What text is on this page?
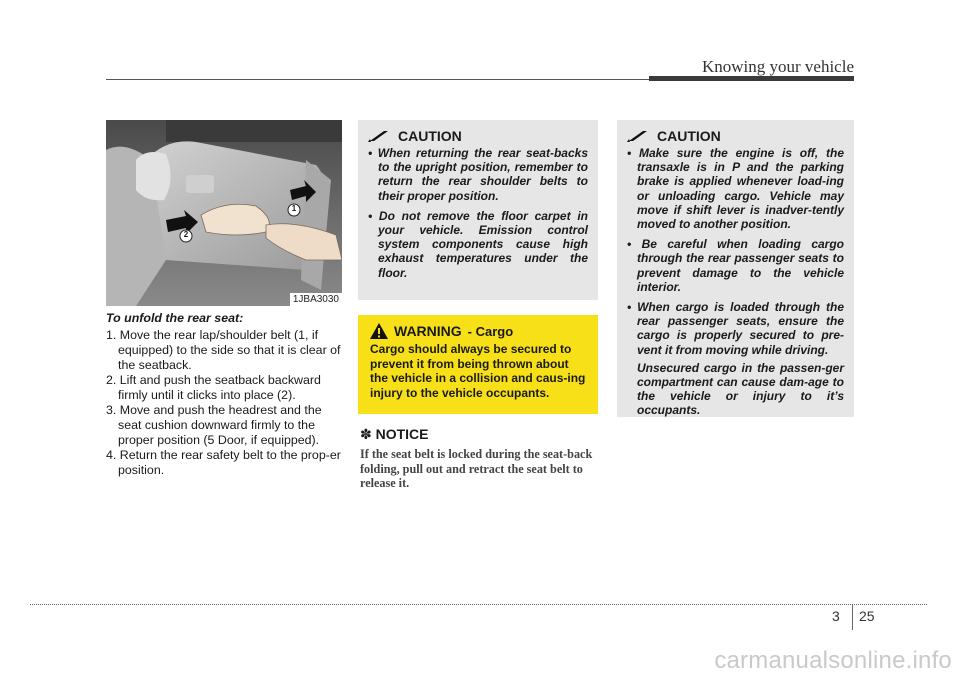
Knowing your vehicle
1
2
1JBA3030
To unfold the rear seat:
1. Move the rear lap/shoulder belt (1, if equipped) to the side so that it is clear of the seatback.
2. Lift and push the seatback backward firmly until it clicks into place (2).
3. Move and push the headrest and the seat cushion downward firmly to the proper position (5 Door, if equipped).
4. Return the rear safety belt to the prop-er position.
CAUTION
• When returning the rear seat-backs to the upright position, remember to return the rear shoulder belts to their proper position.
• Do not remove the floor carpet in your vehicle. Emission control system components cause high exhaust temperatures under the floor.
WARNING - Cargo
Cargo should always be secured to prevent it from being thrown about the vehicle in a collision and caus-ing injury to the vehicle occupants.
✽ NOTICE
If the seat belt is locked during the seat-back folding, pull out and retract the seat belt to release it.
CAUTION
• Make sure the engine is off, the transaxle is in P and the parking brake is applied whenever load-ing or unloading cargo. Vehicle may move if shift lever is inadver-tently moved to another position.
• Be careful when loading cargo through the rear passenger seats to prevent damage to the vehicle interior.
• When cargo is loaded through the rear passenger seats, ensure the cargo is properly secured to pre-vent it from moving while driving.
Unsecured cargo in the passen-ger compartment can cause dam-age to the vehicle or injury to it’s occupants.
3 25
carmanualsonline.info
